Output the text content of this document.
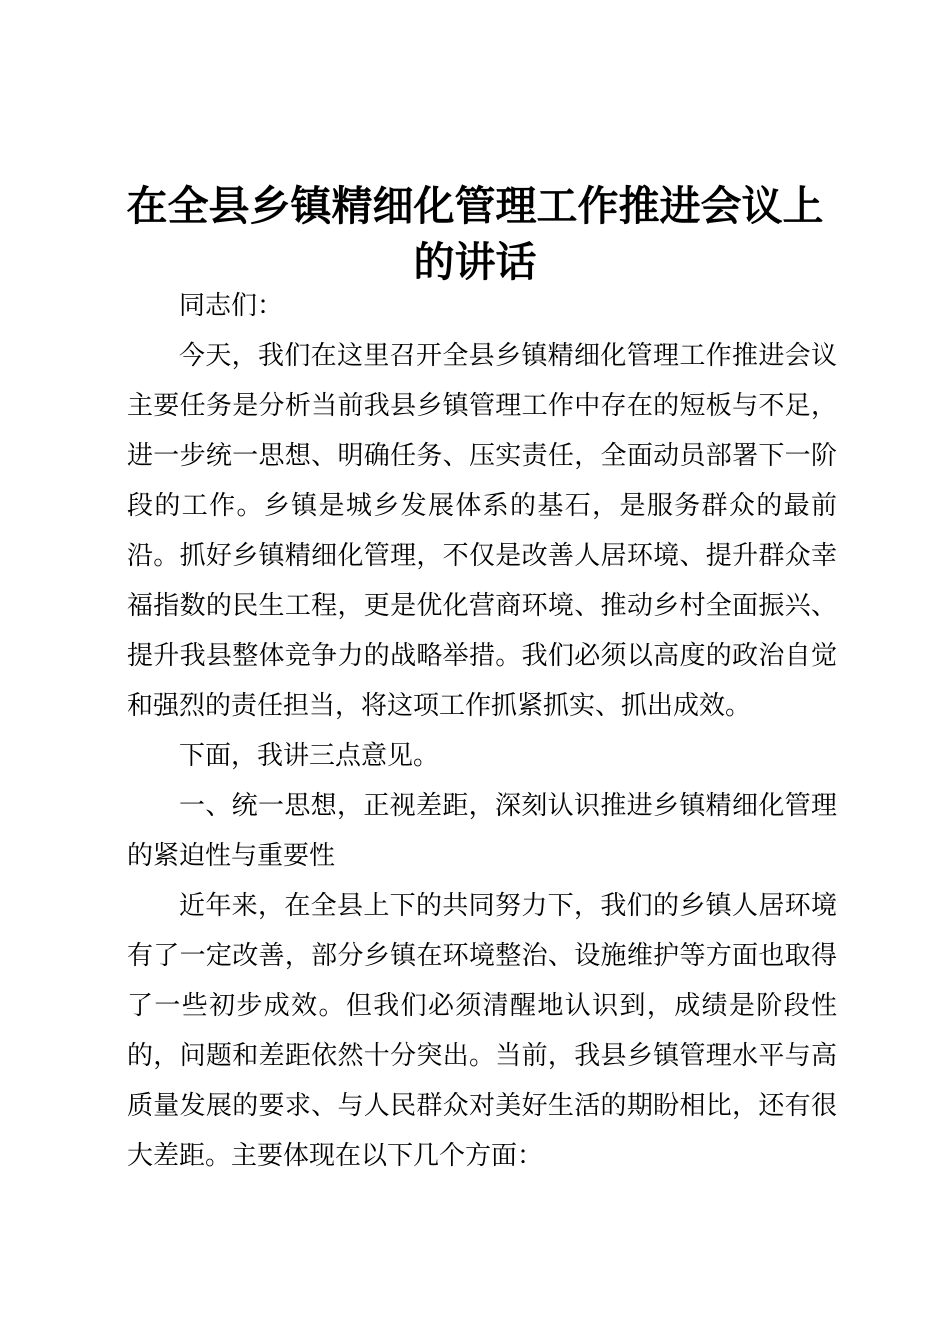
在全县乡镇精细化管理工作推进会议上的讲话

同志们：

今天，我们在这里召开全县乡镇精细化管理工作推进会议主要任务是分析当前我县乡镇管理工作中存在的短板与不足，进一步统一思想、明确任务、压实责任，全面动员部署下一阶段的工作。乡镇是城乡发展体系的基石，是服务群众的最前沿。抓好乡镇精细化管理，不仅是改善人居环境、提升群众幸福指数的民生工程，更是优化营商环境、推动乡村全面振兴、提升我县整体竞争力的战略举措。我们必须以高度的政治自觉和强烈的责任担当，将这项工作抓紧抓实、抓出成效。

下面，我讲三点意见。

一、统一思想，正视差距，深刻认识推进乡镇精细化管理的紧迫性与重要性

近年来，在全县上下的共同努力下，我们的乡镇人居环境有了一定改善，部分乡镇在环境整治、设施维护等方面也取得了一些初步成效。但我们必须清醒地认识到，成绩是阶段性的，问题和差距依然十分突出。当前，我县乡镇管理水平与高质量发展的要求、与人民群众对美好生活的期盼相比，还有很大差距。主要体现在以下几个方面：
